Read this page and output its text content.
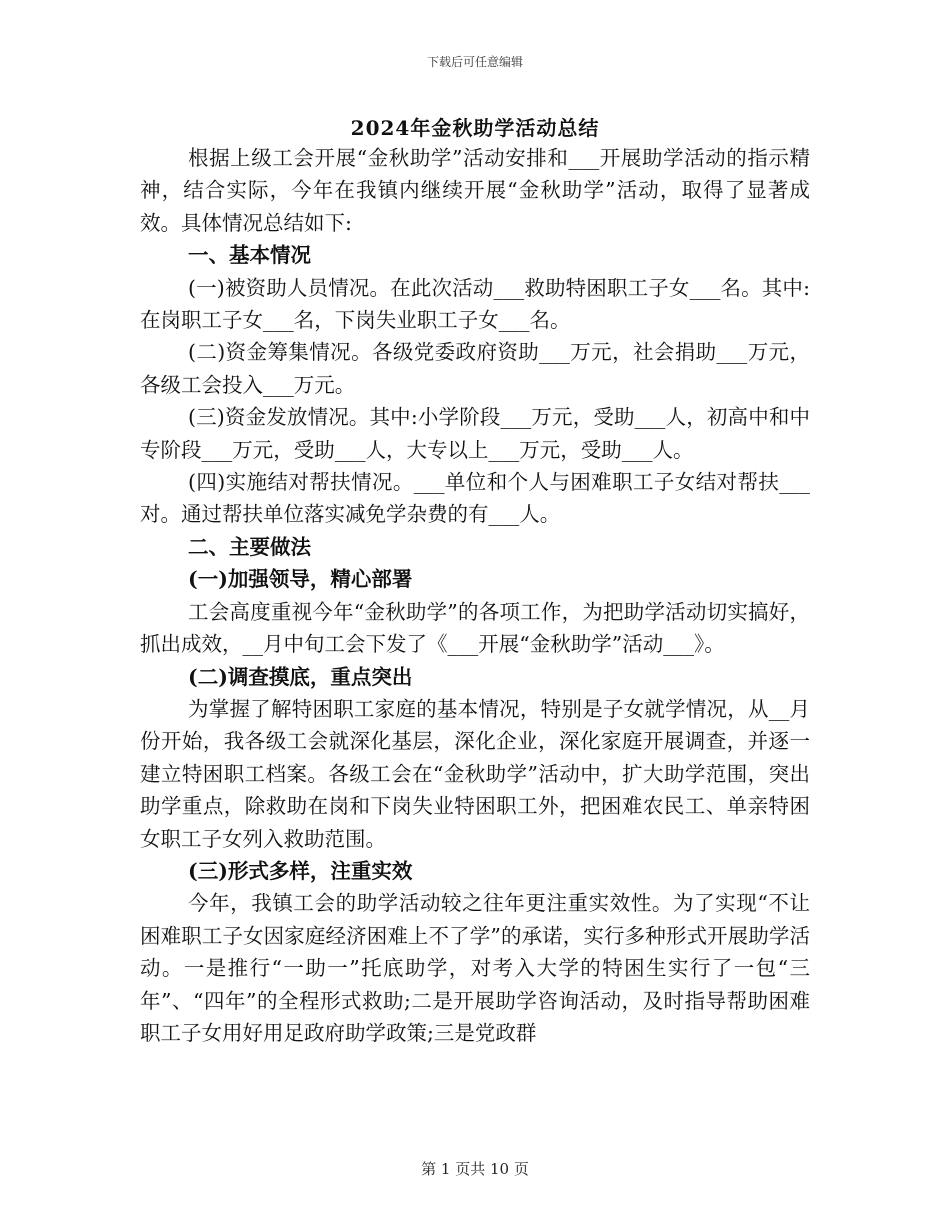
下载后可任意编辑
2024年金秋助学活动总结

根据上级工会开展“金秋助学”活动安排和___开展助学活动的指示精神，结合实际，今年在我镇内继续开展“金秋助学”活动，取得了显著成效。具体情况总结如下:

一、基本情况

(一)被资助人员情况。在此次活动___救助特困职工子女___名。其中:在岗职工子女___名，下岗失业职工子女___名。

(二)资金筹集情况。各级党委政府资助___万元，社会捐助___万元，各级工会投入___万元。

(三)资金发放情况。其中:小学阶段___万元，受助___人，初高中和中专阶段___万元，受助___人，大专以上___万元，受助___人。

(四)实施结对帮扶情况。___单位和个人与困难职工子女结对帮扶___对。通过帮扶单位落实减免学杂费的有___人。

二、主要做法

(一)加强领导，精心部署

工会高度重视今年“金秋助学”的各项工作，为把助学活动切实搞好，抓出成效，__月中旬工会下发了《___开展“金秋助学”活动___》。

(二)调查摸底，重点突出

为掌握了解特困职工家庭的基本情况，特别是子女就学情况，从__月份开始，我各级工会就深化基层，深化企业，深化家庭开展调查，并逐一建立特困职工档案。各级工会在“金秋助学”活动中，扩大助学范围，突出助学重点，除救助在岗和下岗失业特困职工外，把困难农民工、单亲特困女职工子女列入救助范围。

(三)形式多样，注重实效

今年，我镇工会的助学活动较之往年更注重实效性。为了实现“不让困难职工子女因家庭经济困难上不了学”的承诺，实行多种形式开展助学活动。一是推行“一助一”托底助学，对考入大学的特困生实行了一包“三年”、“四年”的全程形式救助;二是开展助学咨询活动，及时指导帮助困难职工子女用好用足政府助学政策;三是党政群

第 1 页共 10 页
